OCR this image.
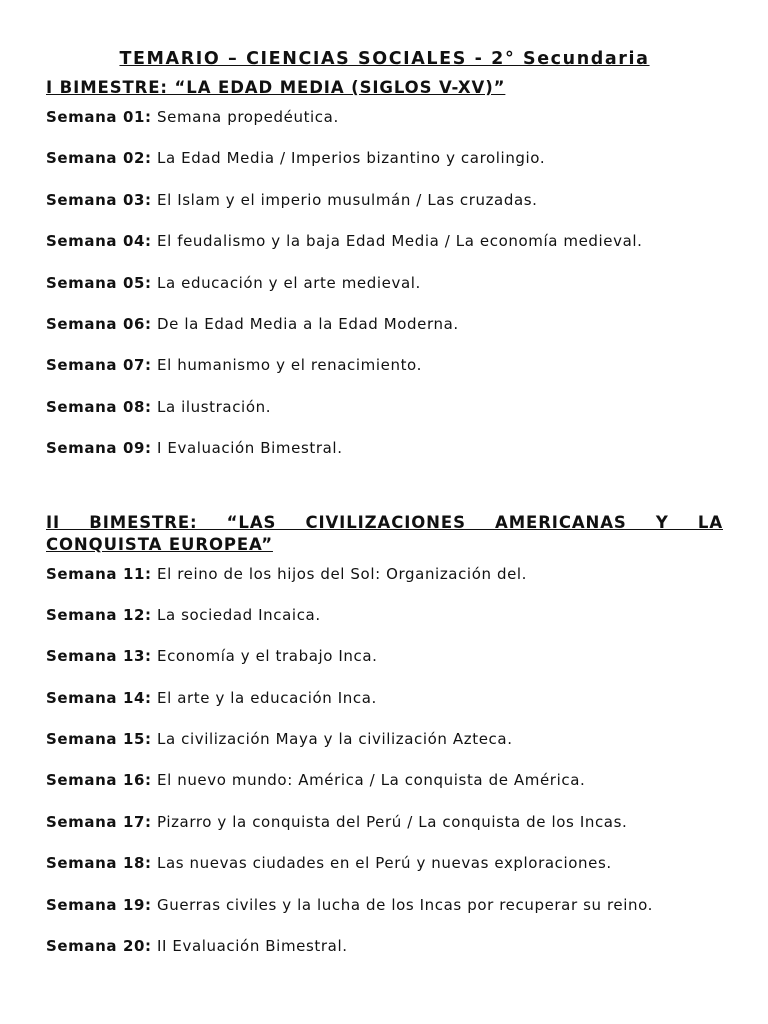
TEMARIO – CIENCIAS SOCIALES - 2° Secundaria
I BIMESTRE: “LA EDAD MEDIA (SIGLOS V-XV)”
Semana 01: Semana propedéutica.
Semana 02: La Edad Media / Imperios bizantino y carolingio.
Semana 03: El Islam y el imperio musulmán / Las cruzadas.
Semana 04: El feudalismo y la baja Edad Media / La economía medieval.
Semana 05: La educación y el arte medieval.
Semana 06: De la Edad Media a la Edad Moderna.
Semana 07: El humanismo y el renacimiento.
Semana 08: La ilustración.
Semana 09: I Evaluación Bimestral.
II BIMESTRE: “LAS CIVILIZACIONES AMERICANAS Y LA
CONQUISTA EUROPEA”
Semana 11: El reino de los hijos del Sol: Organización del.
Semana 12: La sociedad Incaica.
Semana 13: Economía y el trabajo Inca.
Semana 14: El arte y la educación Inca.
Semana 15: La civilización Maya y la civilización Azteca.
Semana 16: El nuevo mundo: América / La conquista de América.
Semana 17: Pizarro y la conquista del Perú / La conquista de los Incas.
Semana 18: Las nuevas ciudades en el Perú y nuevas exploraciones.
Semana 19: Guerras civiles y la lucha de los Incas por recuperar su reino.
Semana 20: II Evaluación Bimestral.
